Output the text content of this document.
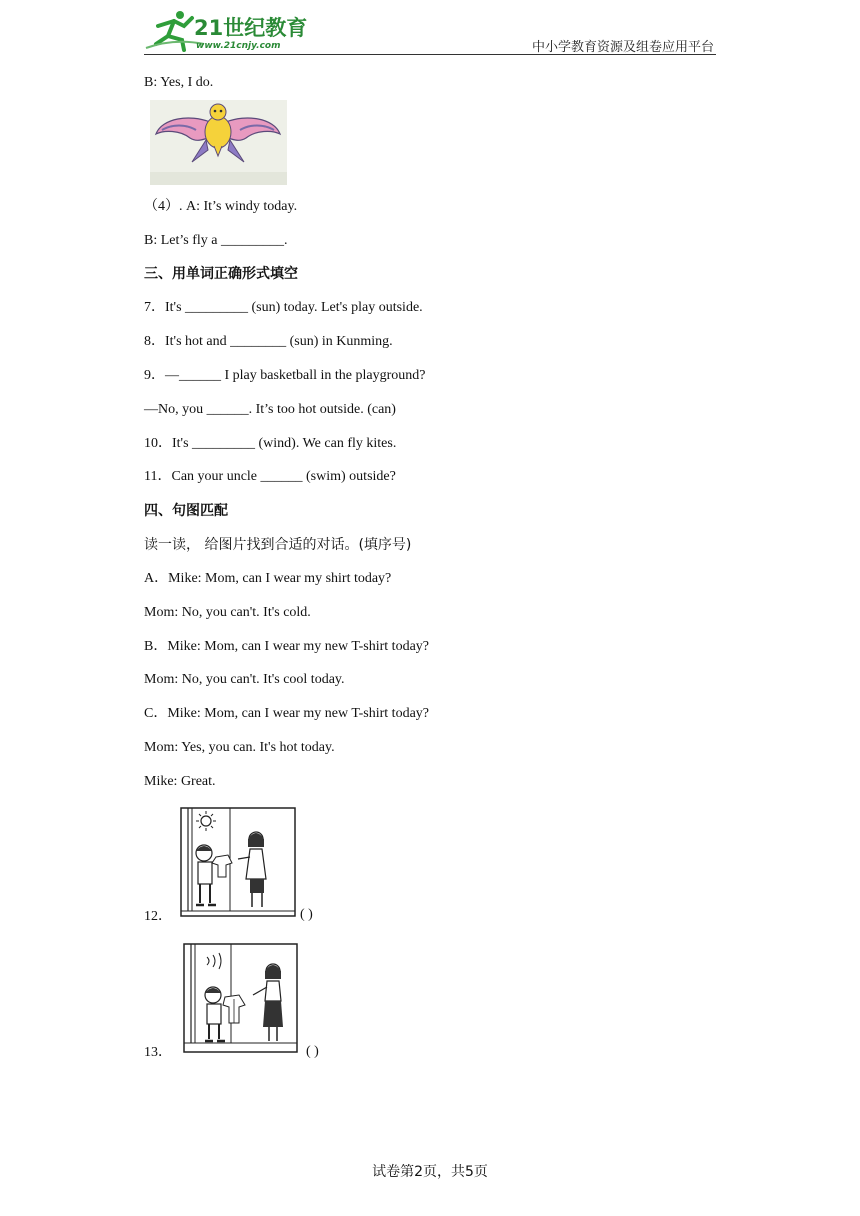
21世纪教育
www.21cnjy.com	中小学教育资源及组卷应用平台
B: Yes, I do.
（4）. A: It’s windy today.
B: Let’s fly a _________.
三、用单词正确形式填空
7．It's _________ (sun) today. Let's play outside.
8．It's hot and ________ (sun) in Kunming.
9．—______ I play basketball in the playground?
—No, you ______. It’s too hot outside. (can)
10．It's _________ (wind). We can fly kites.
11．Can your uncle ______ (swim) outside?
四、句图匹配
读一读， 给图片找到合适的对话。(填序号)
A．Mike: Mom, can I wear my shirt today?
Mom: No, you can't. It's cold.
B．Mike: Mom, can I wear my new T-shirt today?
Mom: No, you can't. It's cool today.
C．Mike: Mom, can I wear my new T-shirt today?
Mom: Yes, you can. It's hot today.
Mike: Great.
12．	( )
13．	( )
试卷第2页，共5页
